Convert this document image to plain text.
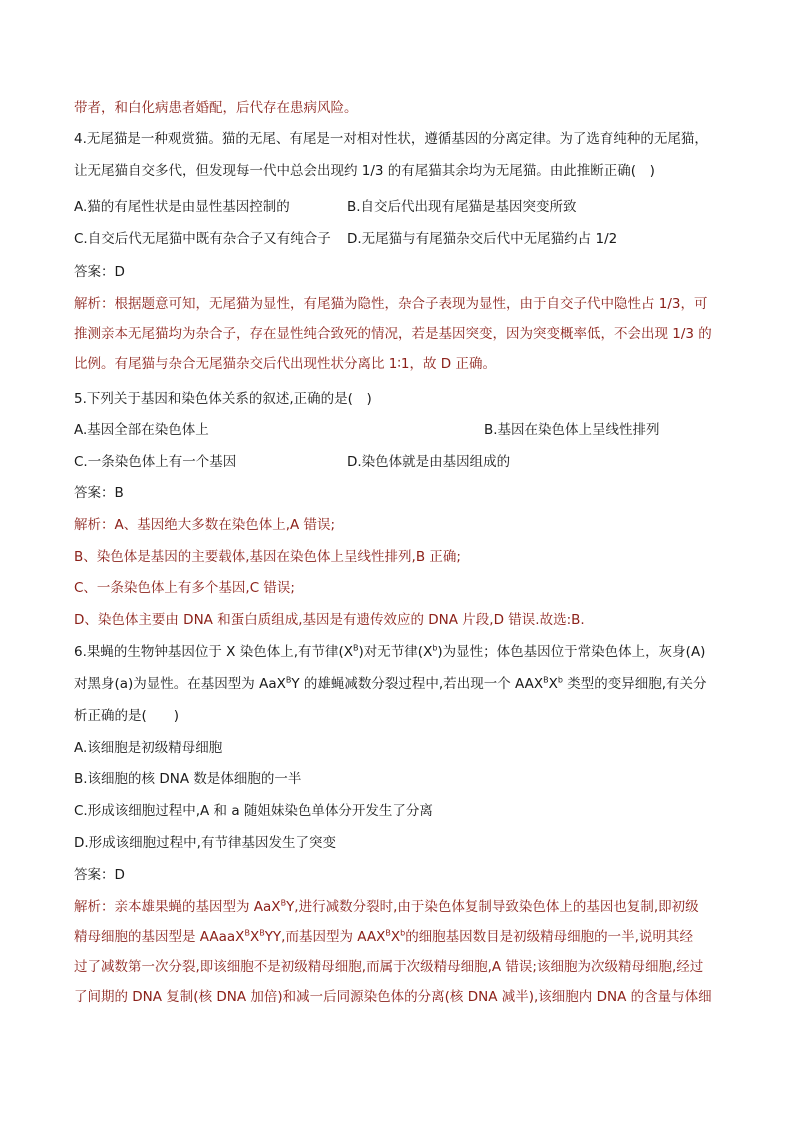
带者，和白化病患者婚配，后代存在患病风险。
4.无尾猫是一种观赏猫。猫的无尾、有尾是一对相对性状，遵循基因的分离定律。为了选育纯种的无尾猫，
让无尾猫自交多代，但发现每一代中总会出现约 1/3 的有尾猫其余均为无尾猫。由此推断正确(　)
A.猫的有尾性状是由显性基因控制的	B.自交后代出现有尾猫是基因突变所致
C.自交后代无尾猫中既有杂合子又有纯合子 D.无尾猫与有尾猫杂交后代中无尾猫约占 1/2
答案：D
解析：根据题意可知，无尾猫为显性，有尾猫为隐性，杂合子表现为显性，由于自交子代中隐性占 1/3，可
推测亲本无尾猫均为杂合子，存在显性纯合致死的情况，若是基因突变，因为突变概率低，不会出现 1/3 的
比例。有尾猫与杂合无尾猫杂交后代出现性状分离比 1∶1，故 D 正确。
5.下列关于基因和染色体关系的叙述,正确的是(　)
A.基因全部在染色体上	B.基因在染色体上呈线性排列
C.一条染色体上有一个基因	D.染色体就是由基因组成的
答案：B
解析：A、基因绝大多数在染色体上,A 错误;
B、染色体是基因的主要载体,基因在染色体上呈线性排列,B 正确;
C、一条染色体上有多个基因,C 错误;
D、染色体主要由 DNA 和蛋白质组成,基因是有遗传效应的 DNA 片段,D 错误.故选:B.
6.果蝇的生物钟基因位于 X 染色体上,有节律$(X^B)$对无节律$(X^b)$为显性；体色基因位于常染色体上，灰身(A)
对黑身(a)为显性。在基因型为 AaX$^B$Y 的雄蝇减数分裂过程中,若出现一个 $AAX^BX^b$ 类型的变异细胞,有关分
析正确的是(　　)
A.该细胞是初级精母细胞
B.该细胞的核 DNA 数是体细胞的一半
C.形成该细胞过程中,A 和 a 随姐妹染色单体分开发生了分离
D.形成该细胞过程中,有节律基因发生了突变
答案：D
解析：亲本雄果蝇的基因型为 AaX$^B$Y,进行减数分裂时,由于染色体复制导致染色体上的基因也复制,即初级
精母细胞的基因型是 $AAaaX^BX^BYY$,而基因型为 $AAX^BX^b$的细胞基因数目是初级精母细胞的一半,说明其经
过了减数第一次分裂,即该细胞不是初级精母细胞,而属于次级精母细胞,A 错误;该细胞为次级精母细胞,经过
了间期的 DNA 复制(核 DNA 加倍)和减一后同源染色体的分离(核 DNA 减半),该细胞内 DNA 的含量与体细
